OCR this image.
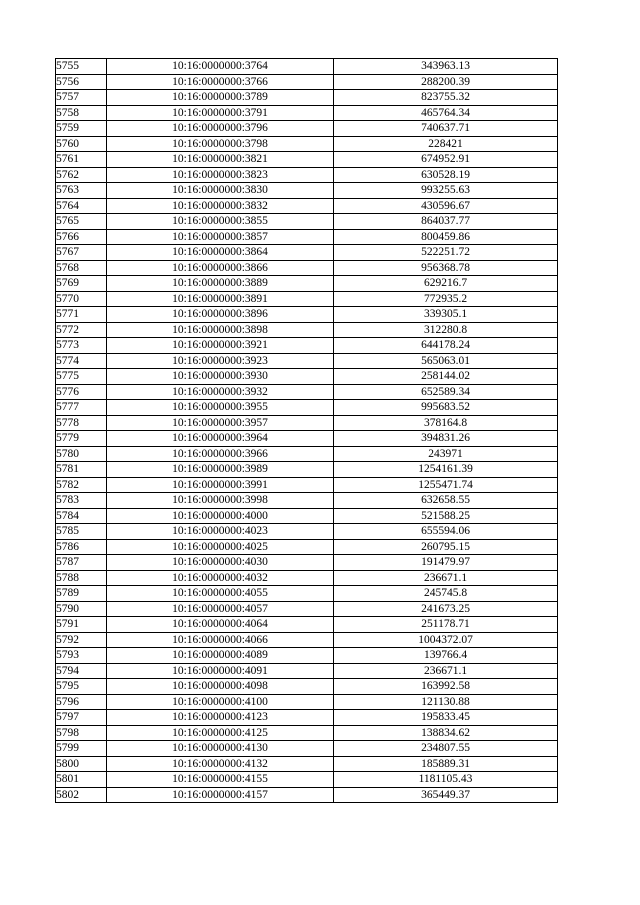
5755	10:16:0000000:3764	343963.13
5756	10:16:0000000:3766	288200.39
5757	10:16:0000000:3789	823755.32
5758	10:16:0000000:3791	465764.34
5759	10:16:0000000:3796	740637.71
5760	10:16:0000000:3798	228421
5761	10:16:0000000:3821	674952.91
5762	10:16:0000000:3823	630528.19
5763	10:16:0000000:3830	993255.63
5764	10:16:0000000:3832	430596.67
5765	10:16:0000000:3855	864037.77
5766	10:16:0000000:3857	800459.86
5767	10:16:0000000:3864	522251.72
5768	10:16:0000000:3866	956368.78
5769	10:16:0000000:3889	629216.7
5770	10:16:0000000:3891	772935.2
5771	10:16:0000000:3896	339305.1
5772	10:16:0000000:3898	312280.8
5773	10:16:0000000:3921	644178.24
5774	10:16:0000000:3923	565063.01
5775	10:16:0000000:3930	258144.02
5776	10:16:0000000:3932	652589.34
5777	10:16:0000000:3955	995683.52
5778	10:16:0000000:3957	378164.8
5779	10:16:0000000:3964	394831.26
5780	10:16:0000000:3966	243971
5781	10:16:0000000:3989	1254161.39
5782	10:16:0000000:3991	1255471.74
5783	10:16:0000000:3998	632658.55
5784	10:16:0000000:4000	521588.25
5785	10:16:0000000:4023	655594.06
5786	10:16:0000000:4025	260795.15
5787	10:16:0000000:4030	191479.97
5788	10:16:0000000:4032	236671.1
5789	10:16:0000000:4055	245745.8
5790	10:16:0000000:4057	241673.25
5791	10:16:0000000:4064	251178.71
5792	10:16:0000000:4066	1004372.07
5793	10:16:0000000:4089	139766.4
5794	10:16:0000000:4091	236671.1
5795	10:16:0000000:4098	163992.58
5796	10:16:0000000:4100	121130.88
5797	10:16:0000000:4123	195833.45
5798	10:16:0000000:4125	138834.62
5799	10:16:0000000:4130	234807.55
5800	10:16:0000000:4132	185889.31
5801	10:16:0000000:4155	1181105.43
5802	10:16:0000000:4157	365449.37
